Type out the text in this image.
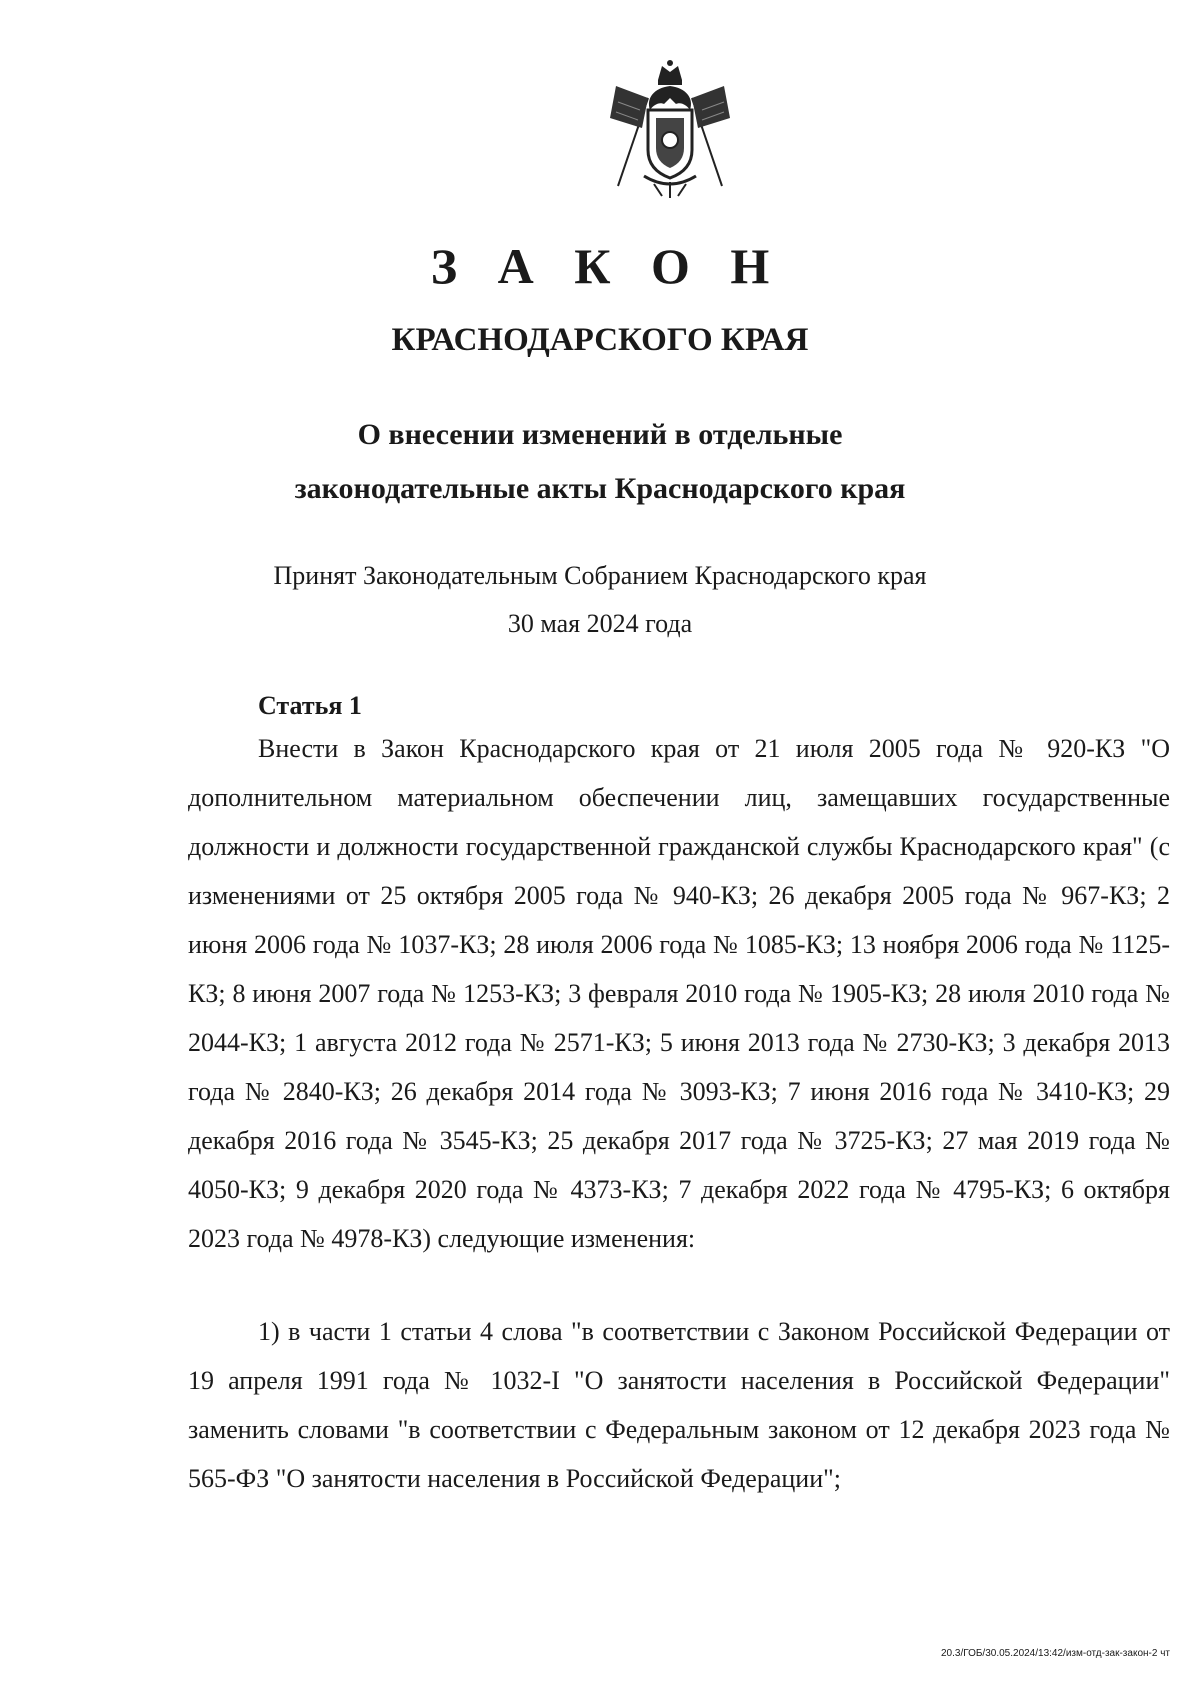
З А К О Н
КРАСНОДАРСКОГО КРАЯ
О внесении изменений в отдельные
законодательные акты Краснодарского края
Принят Законодательным Собранием Краснодарского края
30 мая 2024 года
Статья 1

Внести в Закон Краснодарского края от 21 июля 2005 года № 920-КЗ "О дополнительном материальном обеспечении лиц, замещавших государственные должности и должности государственной гражданской службы Краснодарского края" (с изменениями от 25 октября 2005 года № 940-КЗ; 26 декабря 2005 года № 967-КЗ; 2 июня 2006 года № 1037-КЗ; 28 июля 2006 года № 1085-КЗ; 13 ноября 2006 года № 1125-КЗ; 8 июня 2007 года № 1253-КЗ; 3 февраля 2010 года № 1905-КЗ; 28 июля 2010 года № 2044-КЗ; 1 августа 2012 года № 2571-КЗ; 5 июня 2013 года № 2730-КЗ; 3 декабря 2013 года № 2840-КЗ; 26 декабря 2014 года № 3093-КЗ; 7 июня 2016 года № 3410-КЗ; 29 декабря 2016 года № 3545-КЗ; 25 декабря 2017 года № 3725-КЗ; 27 мая 2019 года № 4050-КЗ; 9 декабря 2020 года № 4373-КЗ; 7 декабря 2022 года № 4795-КЗ; 6 октября 2023 года № 4978-КЗ) следующие изменения:

1) в части 1 статьи 4 слова "в соответствии с Законом Российской Федерации от 19 апреля 1991 года № 1032-I "О занятости населения в Российской Федерации" заменить словами "в соответствии с Федеральным законом от 12 декабря 2023 года № 565-ФЗ "О занятости населения в Российской Федерации";

20.3/ГОБ/30.05.2024/13:42/изм-отд-зак-закон-2 чт
